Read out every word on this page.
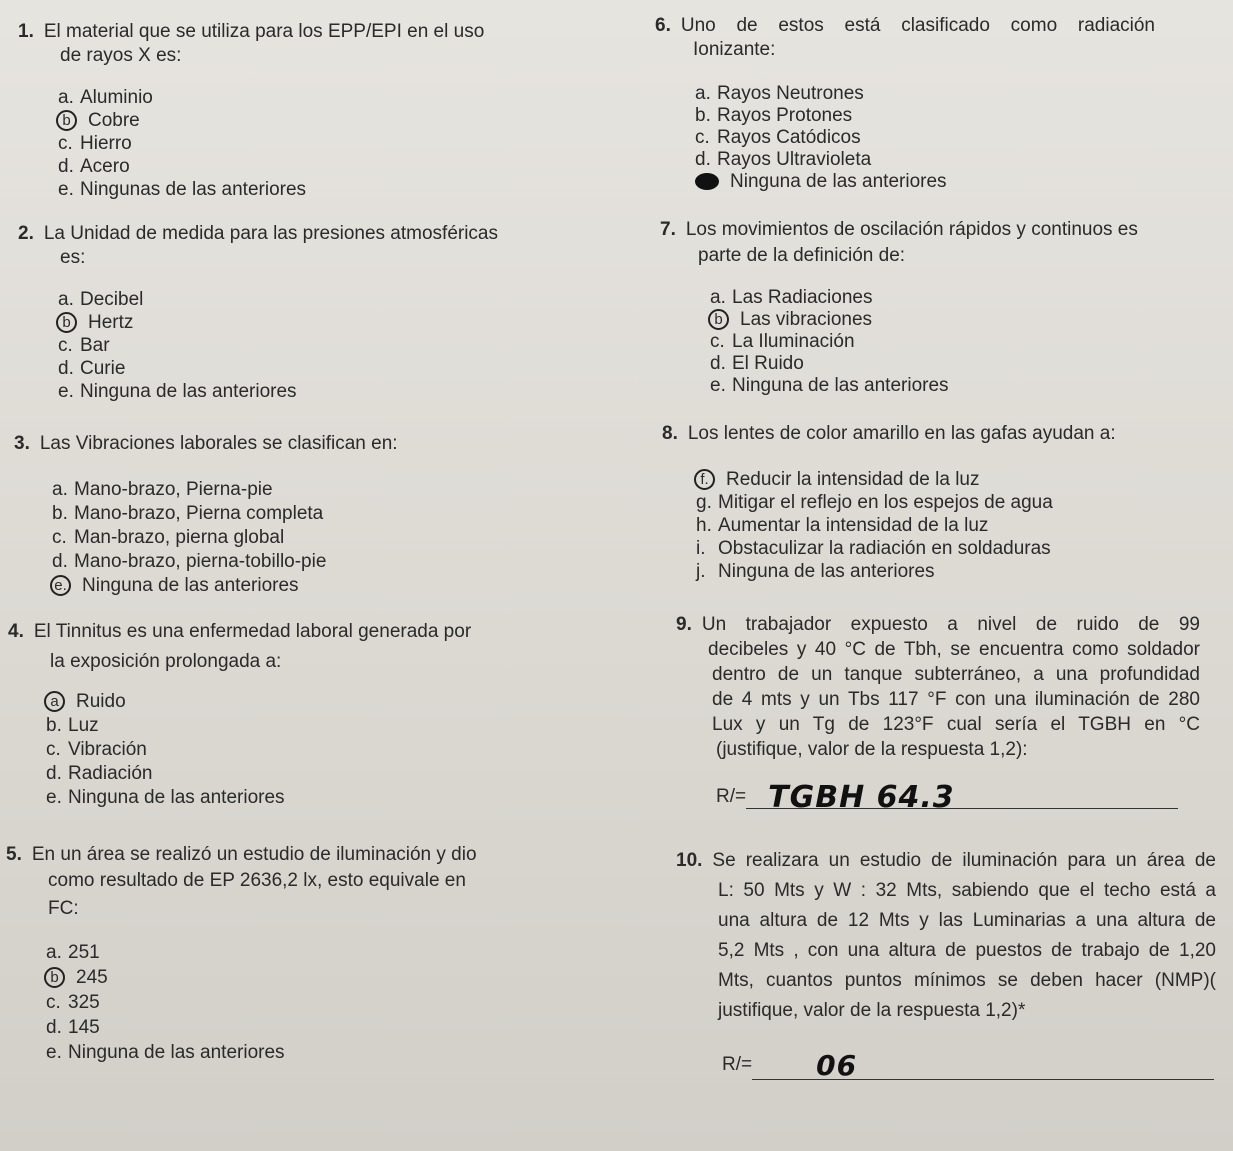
1. El material que se utiliza para los EPP/EPI en el uso
de rayos X es:
a. Aluminio
b Cobre
c. Hierro
d. Acero
e. Ningunas de las anteriores
2. La Unidad de medida para las presiones atmosféricas
es:
a. Decibel
b Hertz
c. Bar
d. Curie
e. Ninguna de las anteriores
3. Las Vibraciones laborales se clasifican en:
a. Mano-brazo, Pierna-pie
b. Mano-brazo, Pierna completa
c. Man-brazo, pierna global
d. Mano-brazo, pierna-tobillo-pie
e. Ninguna de las anteriores
4. El Tinnitus es una enfermedad laboral generada por
la exposición prolongada a:
a Ruido
b. Luz
c. Vibración
d. Radiación
e. Ninguna de las anteriores
5. En un área se realizó un estudio de iluminación y dio
como resultado de EP 2636,2 lx, esto equivale en
FC:
a. 251
b 245
c. 325
d. 145
e. Ninguna de las anteriores
6. Uno de estos está clasificado como radiación
Ionizante:
a. Rayos Neutrones
b. Rayos Protones
c. Rayos Catódicos
d. Rayos Ultravioleta
Ninguna de las anteriores
7. Los movimientos de oscilación rápidos y continuos es
parte de la definición de:
a. Las Radiaciones
b Las vibraciones
c. La Iluminación
d. El Ruido
e. Ninguna de las anteriores
8. Los lentes de color amarillo en las gafas ayudan a:
f. Reducir la intensidad de la luz
g. Mitigar el reflejo en los espejos de agua
h. Aumentar la intensidad de la luz
i. Obstaculizar la radiación en soldaduras
j. Ninguna de las anteriores
9. Un trabajador expuesto a nivel de ruido de 99
decibeles y 40 °C de Tbh, se encuentra como soldador
dentro de un tanque subterráneo, a una profundidad
de 4 mts y un Tbs 117 °F con una iluminación de 280
Lux y un Tg de 123°F cual sería el TGBH en °C
(justifique, valor de la respuesta 1,2):
R/= TGBH 64.3
10. Se realizara un estudio de iluminación para un área de
L: 50 Mts y W : 32 Mts, sabiendo que el techo está a
una altura de 12 Mts y las Luminarias a una altura de
5,2 Mts , con una altura de puestos de trabajo de 1,20
Mts, cuantos puntos mínimos se deben hacer (NMP)(
justifique, valor de la respuesta 1,2)*
R/= 06
